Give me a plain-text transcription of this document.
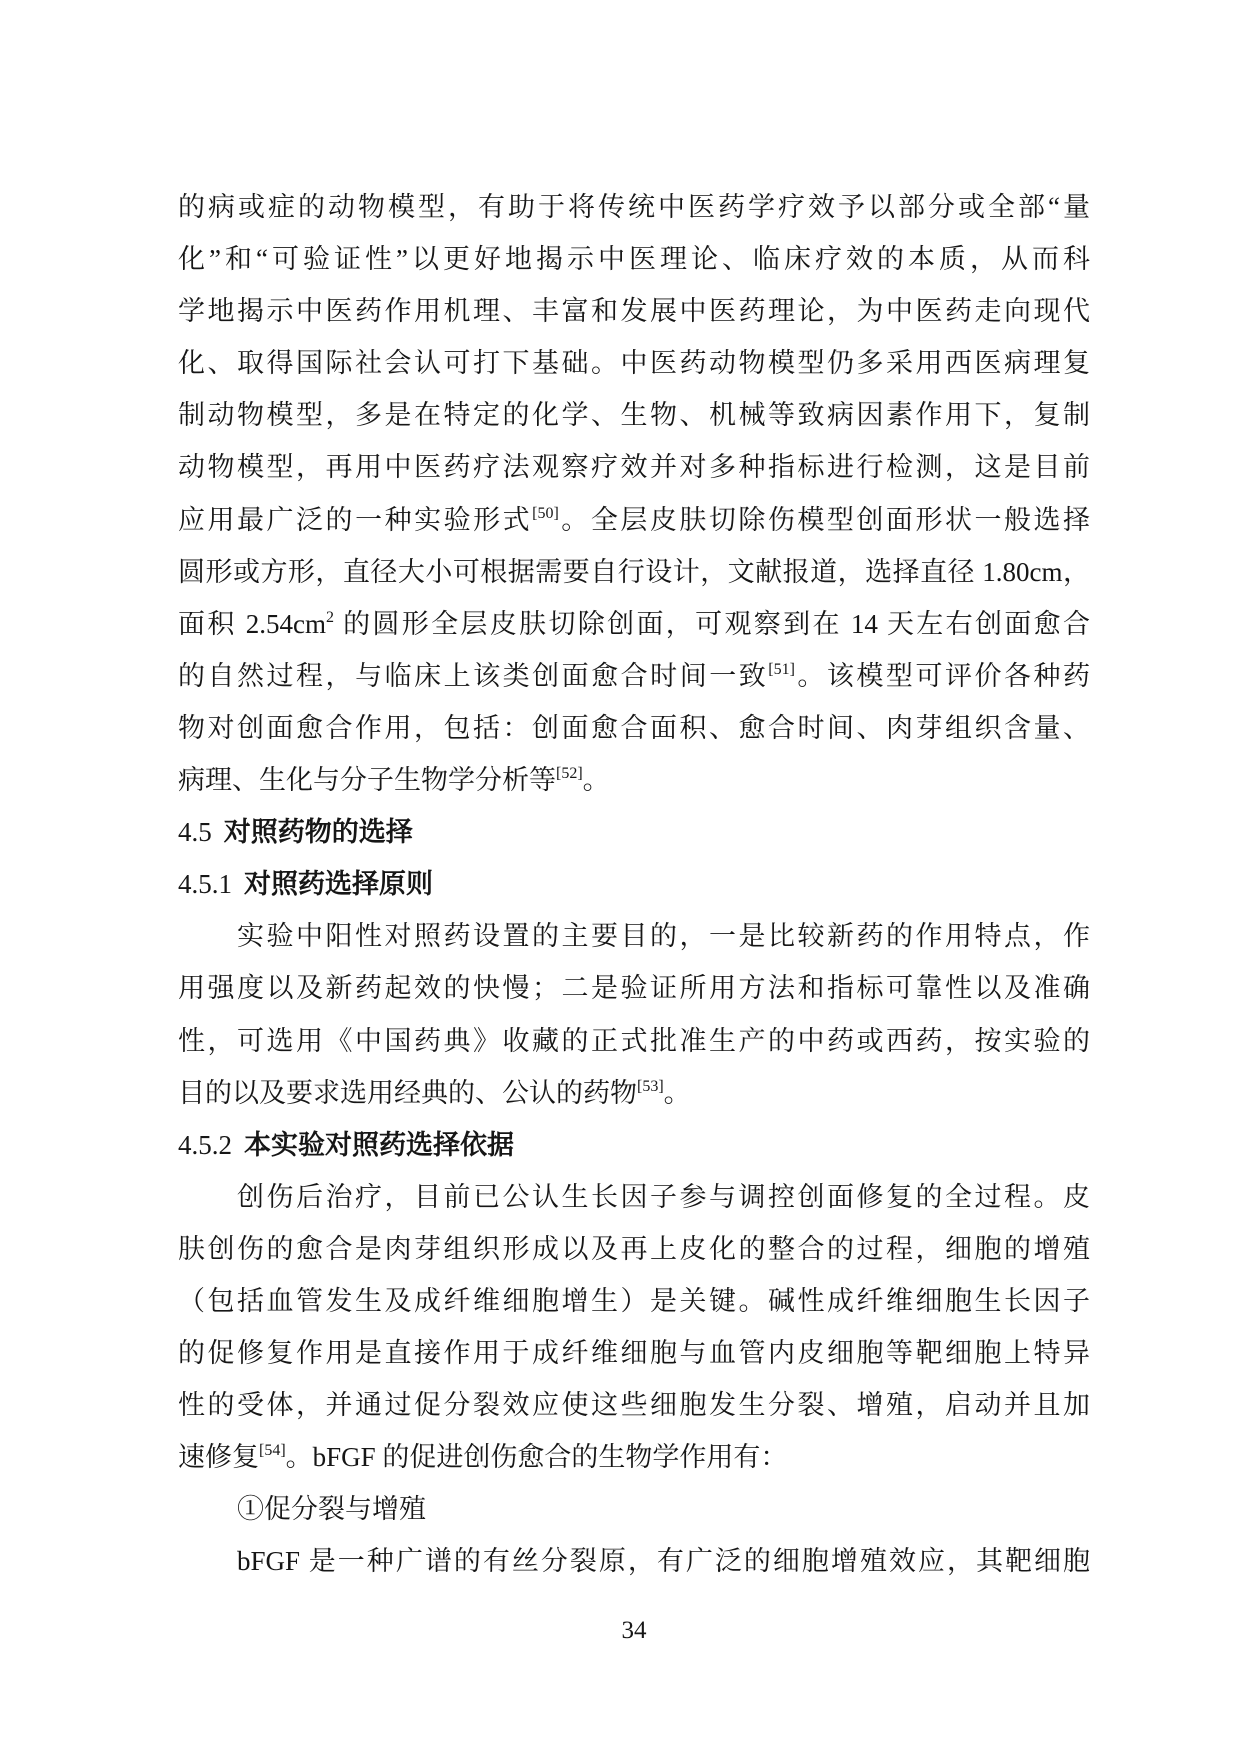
的病或症的动物模型，有助于将传统中医药学疗效予以部分或全部“量
化”和“可验证性”以更好地揭示中医理论、临床疗效的本质，从而科
学地揭示中医药作用机理、丰富和发展中医药理论，为中医药走向现代
化、取得国际社会认可打下基础。中医药动物模型仍多采用西医病理复
制动物模型，多是在特定的化学、生物、机械等致病因素作用下，复制
动物模型，再用中医药疗法观察疗效并对多种指标进行检测，这是目前
应用最广泛的一种实验形式[50]。全层皮肤切除伤模型创面形状一般选择
圆形或方形，直径大小可根据需要自行设计，文献报道，选择直径 1.80cm，
面积 $2.54cm^2$ 的圆形全层皮肤切除创面，可观察到在 14 天左右创面愈合
的自然过程，与临床上该类创面愈合时间一致[51]。该模型可评价各种药
物对创面愈合作用，包括：创面愈合面积、愈合时间、肉芽组织含量、
病理、生化与分子生物学分析等[52]。
4.5 对照药物的选择
4.5.1 对照药选择原则
实验中阳性对照药设置的主要目的，一是比较新药的作用特点，作
用强度以及新药起效的快慢；二是验证所用方法和指标可靠性以及准确
性，可选用《中国药典》收藏的正式批准生产的中药或西药，按实验的
目的以及要求选用经典的、公认的药物[53]。
4.5.2 本实验对照药选择依据
创伤后治疗，目前已公认生长因子参与调控创面修复的全过程。皮
肤创伤的愈合是肉芽组织形成以及再上皮化的整合的过程，细胞的增殖
（包括血管发生及成纤维细胞增生）是关键。碱性成纤维细胞生长因子
的促修复作用是直接作用于成纤维细胞与血管内皮细胞等靶细胞上特异
性的受体，并通过促分裂效应使这些细胞发生分裂、增殖，启动并且加
速修复[54]。bFGF 的促进创伤愈合的生物学作用有：
①促分裂与增殖
bFGF 是一种广谱的有丝分裂原，有广泛的细胞增殖效应，其靶细胞
34
